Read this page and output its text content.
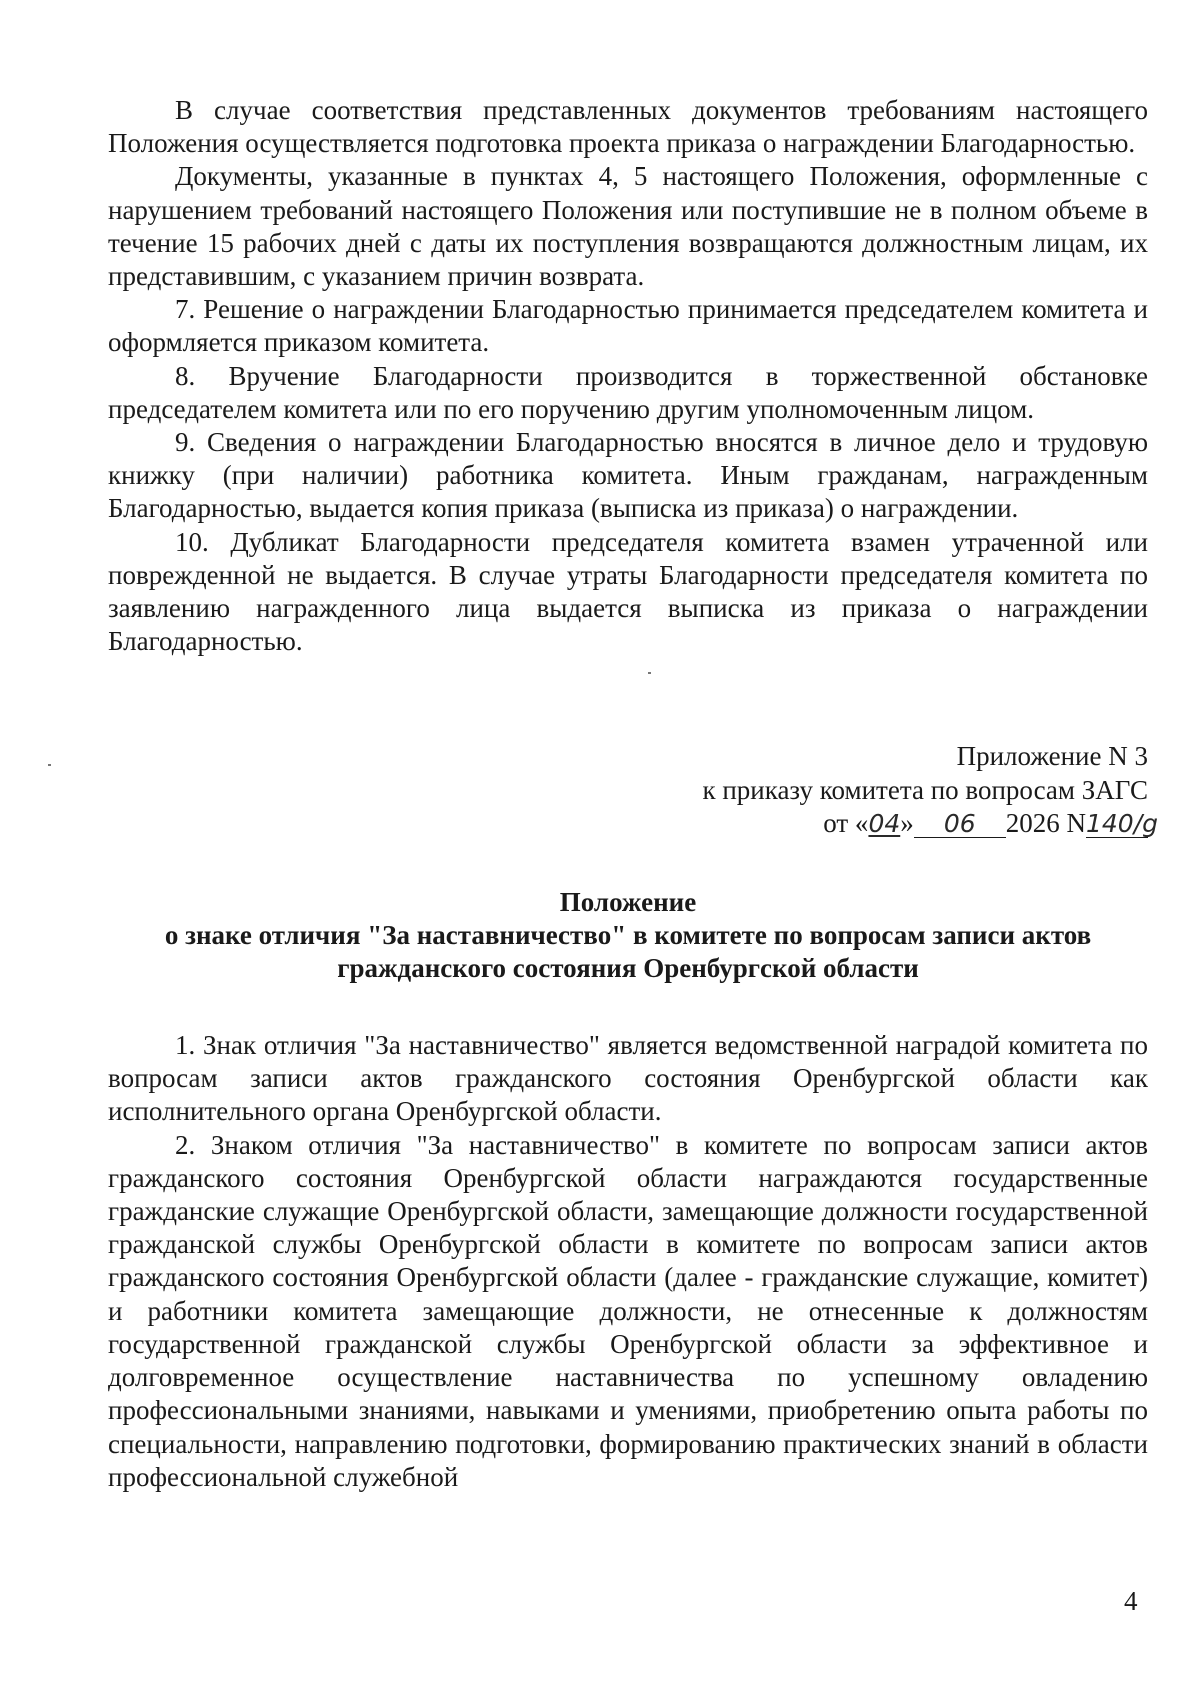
В случае соответствия представленных документов требованиям настоящего Положения осуществляется подготовка проекта приказа о награждении Благодарностью.

Документы, указанные в пунктах 4, 5 настоящего Положения, оформленные с нарушением требований настоящего Положения или поступившие не в полном объеме в течение 15 рабочих дней с даты их поступления возвращаются должностным лицам, их представившим, с указанием причин возврата.

7. Решение о награждении Благодарностью принимается председателем комитета и оформляется приказом комитета.

8. Вручение Благодарности производится в торжественной обстановке председателем комитета или по его поручению другим уполномоченным лицом.

9. Сведения о награждении Благодарностью вносятся в личное дело и трудовую книжку (при наличии) работника комитета. Иным гражданам, награжденным Благодарностью, выдается копия приказа (выписка из приказа) о награждении.

10. Дубликат Благодарности председателя комитета взамен утраченной или поврежденной не выдается. В случае утраты Благодарности председателя комитета по заявлению награжденного лица выдается выписка из приказа о награждении Благодарностью.

Приложение N 3
к приказу комитета по вопросам ЗАГС
от «04» 06 2026 N140/g
Положение
о знаке отличия "За наставничество" в комитете по вопросам записи актов
гражданского состояния Оренбургской области

1. Знак отличия "За наставничество" является ведомственной наградой комитета по вопросам записи актов гражданского состояния Оренбургской области как исполнительного органа Оренбургской области.

2. Знаком отличия "За наставничество" в комитете по вопросам записи актов гражданского состояния Оренбургской области награждаются государственные гражданские служащие Оренбургской области, замещающие должности государственной гражданской службы Оренбургской области в комитете по вопросам записи актов гражданского состояния Оренбургской области (далее - гражданские служащие, комитет) и работники комитета замещающие должности, не отнесенные к должностям государственной гражданской службы Оренбургской области за эффективное и долговременное осуществление наставничества по успешному овладению профессиональными знаниями, навыками и умениями, приобретению опыта работы по специальности, направлению подготовки, формированию практических знаний в области профессиональной служебной

4
